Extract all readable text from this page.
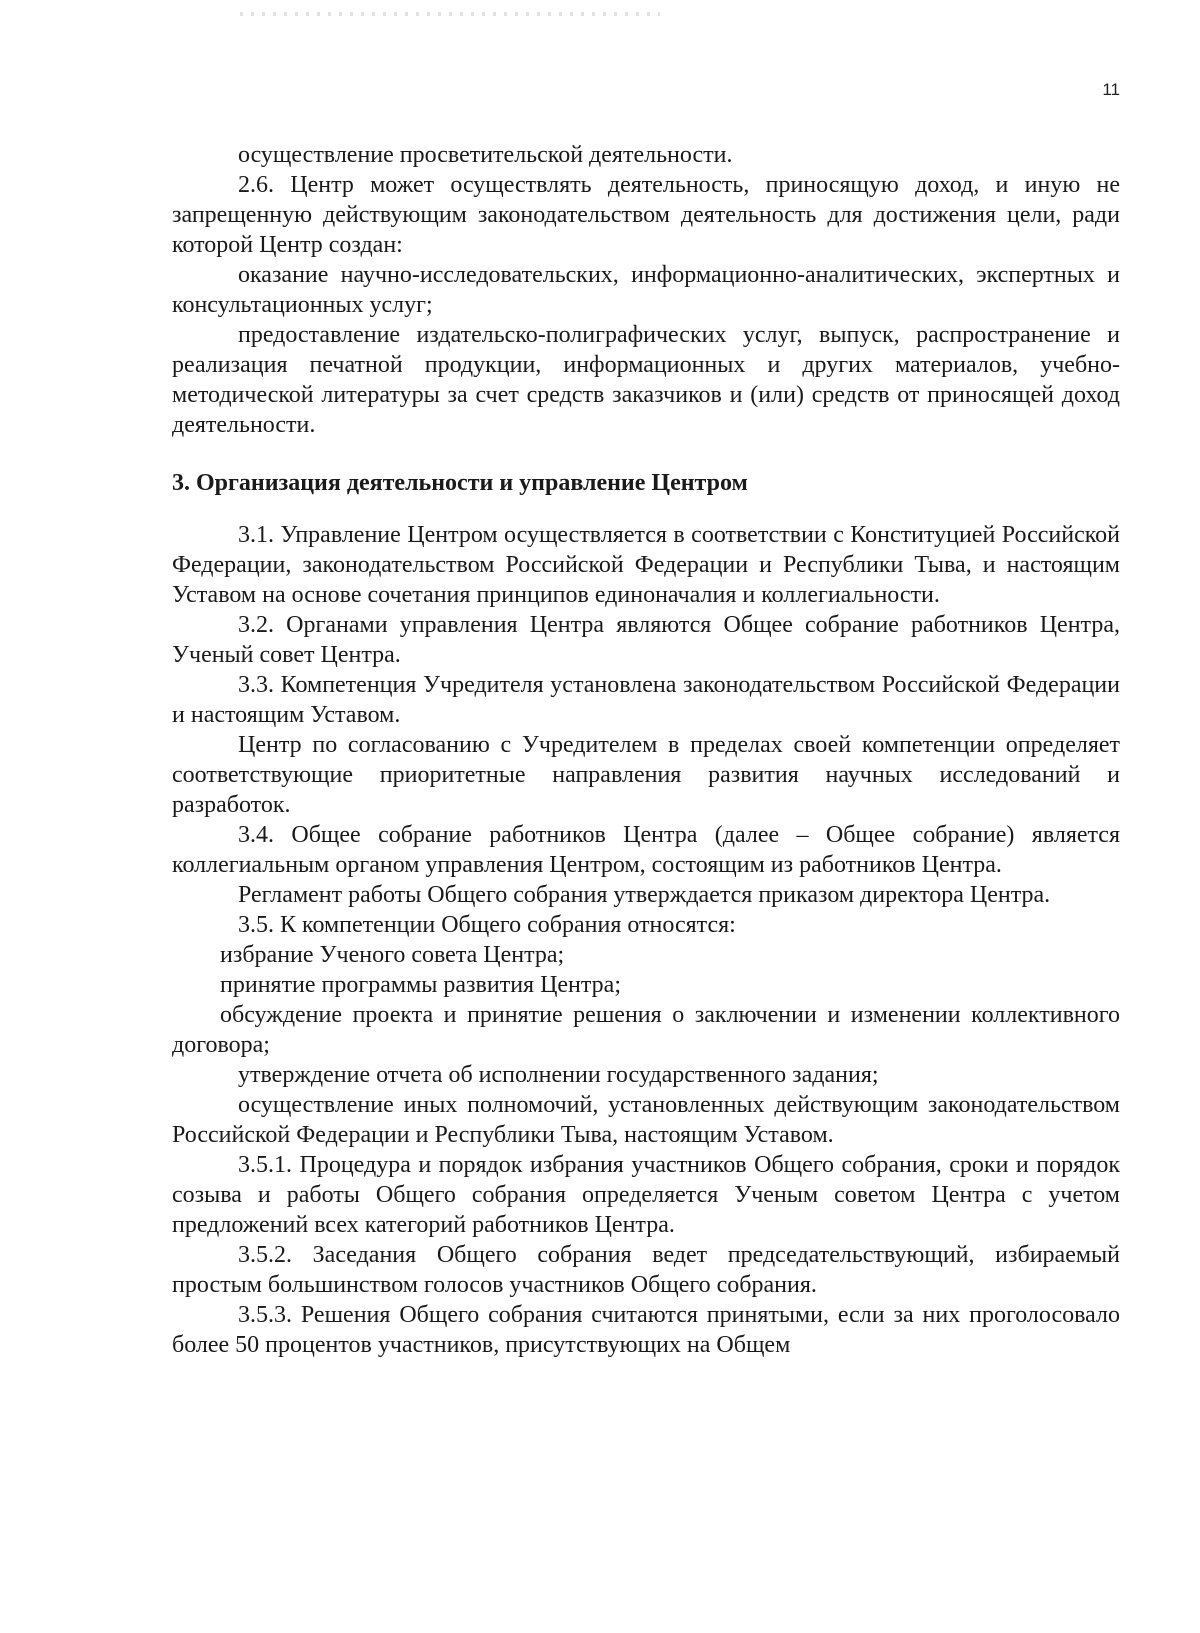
11

осуществление просветительской деятельности.

2.6. Центр может осуществлять деятельность, приносящую доход, и иную не запрещенную действующим законодательством деятельность для достижения цели, ради которой Центр создан:

оказание научно-исследовательских, информационно-аналитических, экспертных и консультационных услуг;

предоставление издательско-полиграфических услуг, выпуск, распространение и реализация печатной продукции, информационных и других материалов, учебно-методической литературы за счет средств заказчиков и (или) средств от приносящей доход деятельности.

3. Организация деятельности и управление Центром

3.1. Управление Центром осуществляется в соответствии с Конституцией Российской Федерации, законодательством Российской Федерации и Республики Тыва, и настоящим Уставом на основе сочетания принципов единоначалия и коллегиальности.

3.2. Органами управления Центра являются Общее собрание работников Центра, Ученый совет Центра.

3.3. Компетенция Учредителя установлена законодательством Российской Федерации и настоящим Уставом.

Центр по согласованию с Учредителем в пределах своей компетенции определяет соответствующие приоритетные направления развития научных исследований и разработок.

3.4. Общее собрание работников Центра (далее – Общее собрание) является коллегиальным органом управления Центром, состоящим из работников Центра.

Регламент работы Общего собрания утверждается приказом директора Центра.

3.5. К компетенции Общего собрания относятся:

избрание Ученого совета Центра;

принятие программы развития Центра;

обсуждение проекта и принятие решения о заключении и изменении коллективного договора;

утверждение отчета об исполнении государственного задания;

осуществление иных полномочий, установленных действующим законодательством Российской Федерации и Республики Тыва, настоящим Уставом.

3.5.1. Процедура и порядок избрания участников Общего собрания, сроки и порядок созыва и работы Общего собрания определяется Ученым советом Центра с учетом предложений всех категорий работников Центра.

3.5.2. Заседания Общего собрания ведет председательствующий, избираемый простым большинством голосов участников Общего собрания.

3.5.3. Решения Общего собрания считаются принятыми, если за них проголосовало более 50 процентов участников, присутствующих на Общем
